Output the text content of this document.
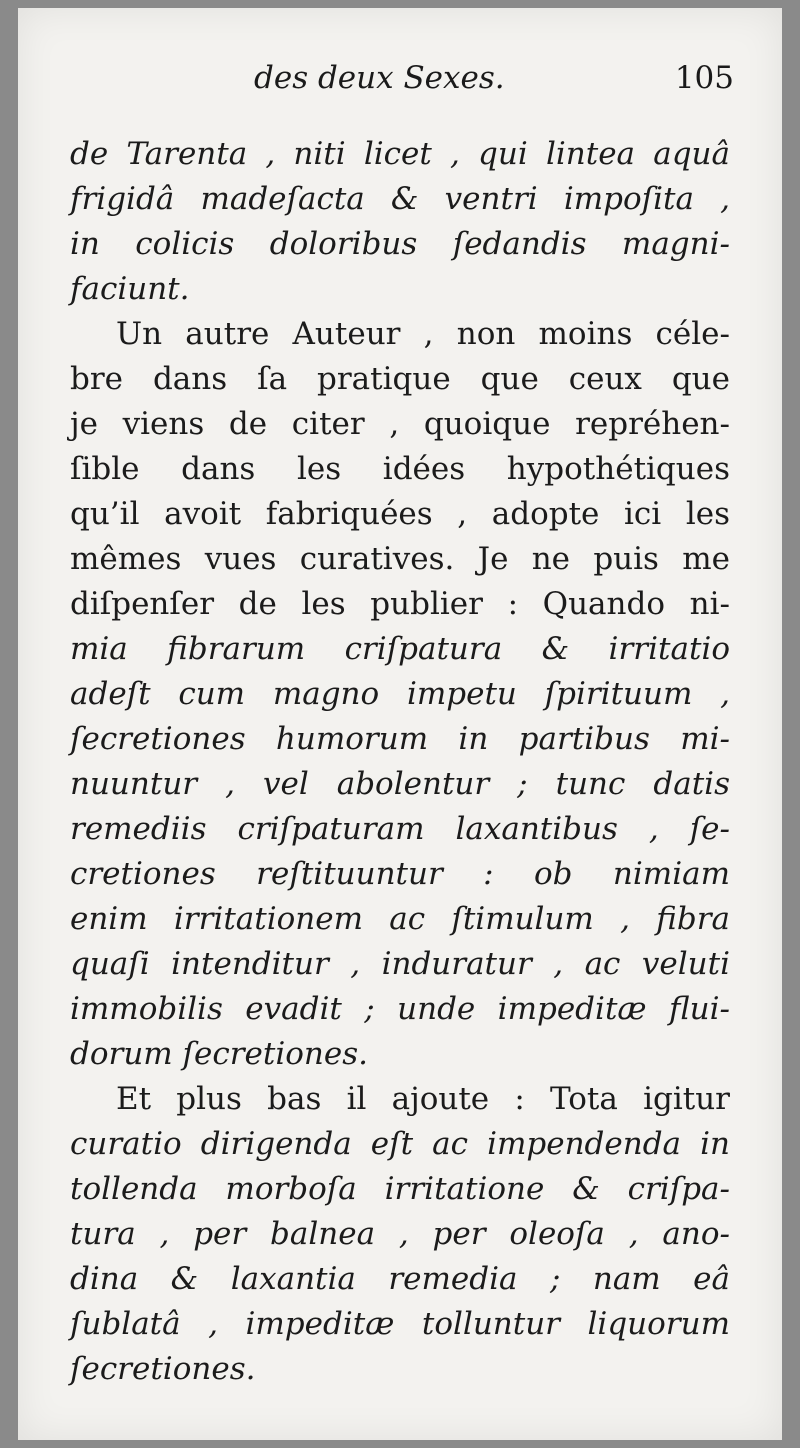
des deux Sexes.	105
de Tarenta , niti licet , qui lintea aquâ
frigidâ madeſacta & ventri impoſita ,
in colicis doloribus ſedandis magni-
faciunt.
Un autre Auteur , non moins céle-
bre dans ſa pratique que ceux que
je viens de citer , quoique repréhen-
ſible dans les idées hypothétiques
qu’il avoit fabriquées , adopte ici les
mêmes vues curatives. Je ne puis me
diſpenſer de les publier : Quando ni-
mia fibrarum criſpatura & irritatio
adeſt cum magno impetu ſpirituum ,
ſecretiones humorum in partibus mi-
nuuntur , vel abolentur ; tunc datis
remediis criſpaturam laxantibus , ſe-
cretiones reſtituuntur : ob nimiam
enim irritationem ac ſtimulum , fibra
quaſi intenditur , induratur , ac veluti
immobilis evadit ; unde impeditæ flui-
dorum ſecretiones.
Et plus bas il ajoute : Tota igitur
curatio dirigenda eſt ac impendenda in
tollenda morboſa irritatione & criſpa-
tura , per balnea , per oleoſa , ano-
dina & laxantia remedia ; nam eâ
ſublatâ , impeditæ tolluntur liquorum
ſecretiones.
